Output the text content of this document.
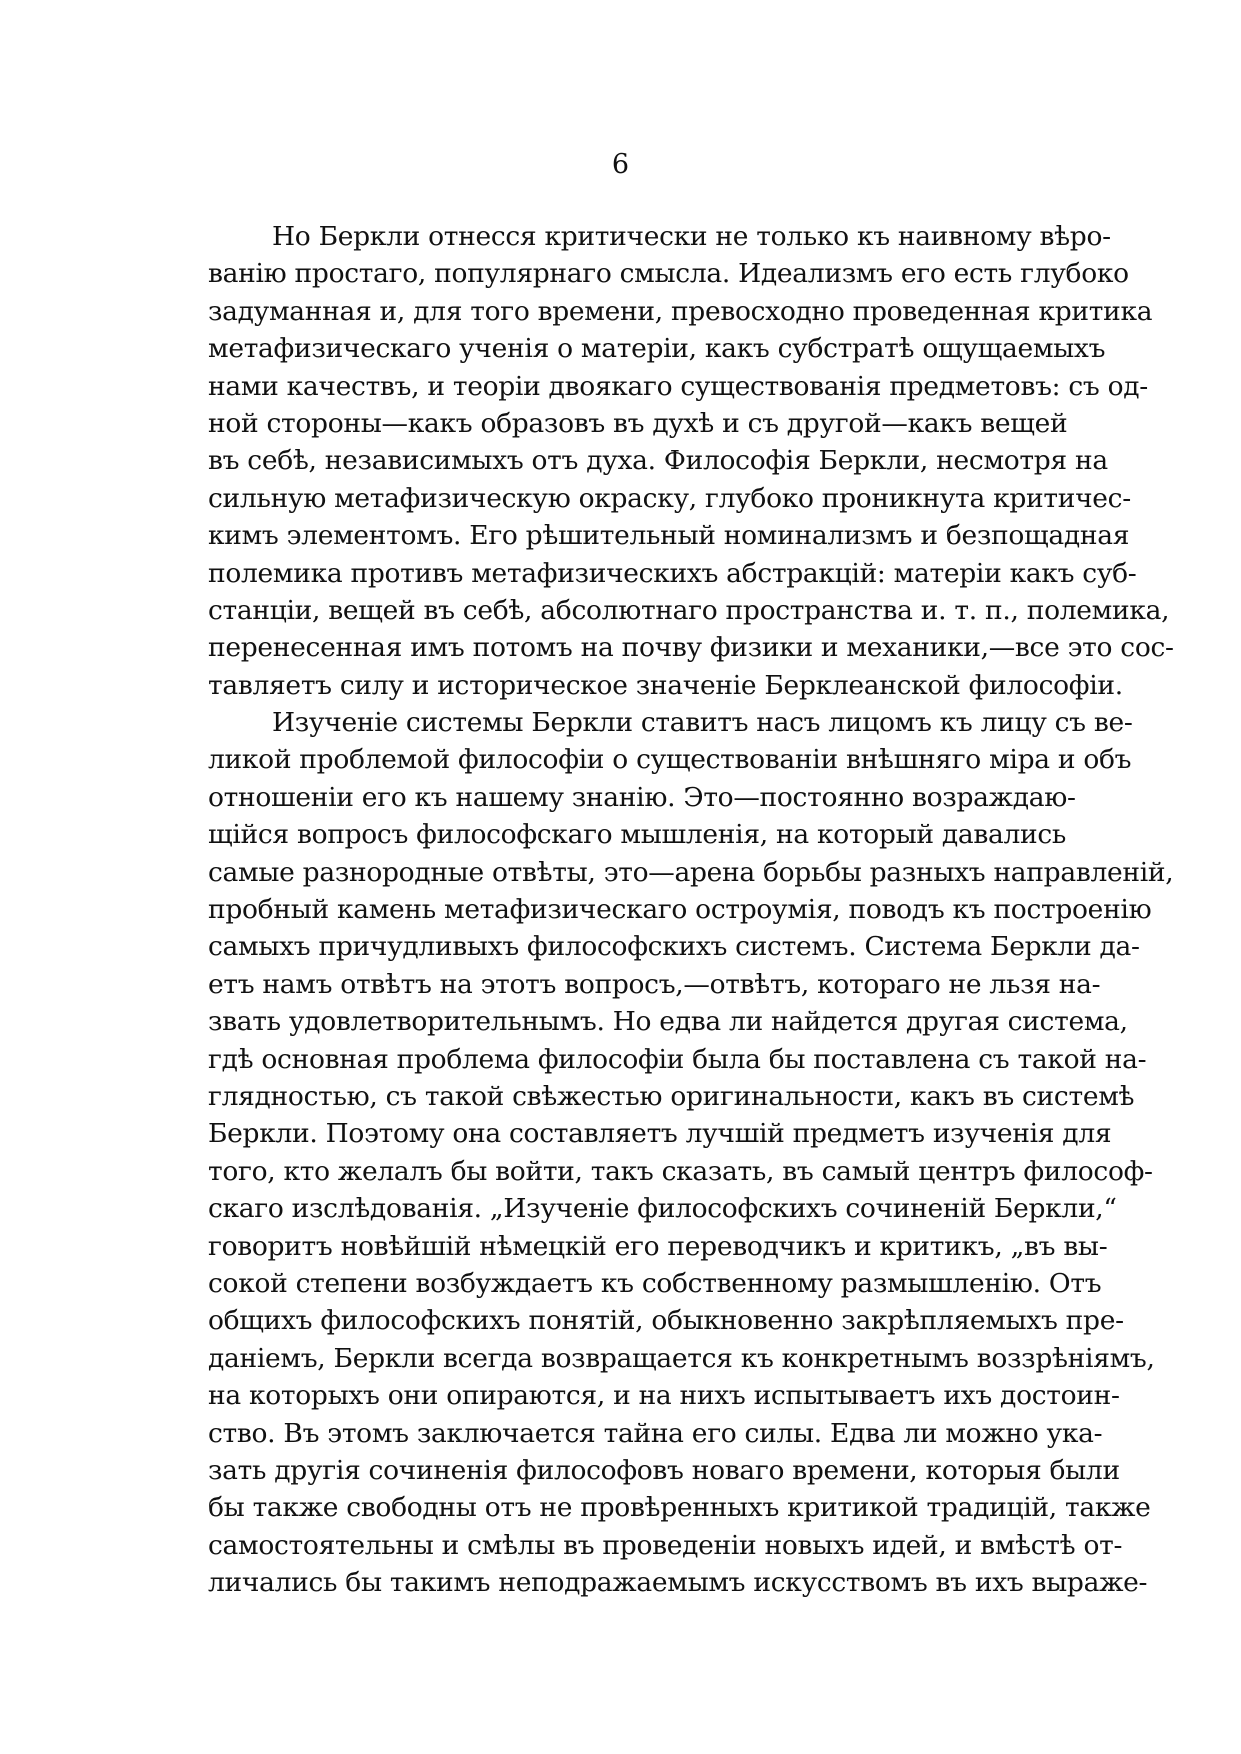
6
Но Беркли отнесся критически не только къ наивному вѣро-
ванію простаго, популярнаго смысла. Идеализмъ его есть глубоко
задуманная и, для того времени, превосходно проведенная критика
метафизическаго ученія о матеріи, какъ субстратѣ ощущаемыхъ
нами качествъ, и теоріи двоякаго существованія предметовъ: съ од-
ной стороны—какъ образовъ въ духѣ и съ другой—какъ вещей
въ себѣ, независимыхъ отъ духа. Философія Беркли, несмотря на
сильную метафизическую окраску, глубоко проникнута критичес-
кимъ элементомъ. Его рѣшительный номинализмъ и безпощадная
полемика противъ метафизическихъ абстракцій: матеріи какъ суб-
станціи, вещей въ себѣ, абсолютнаго пространства и. т. п., полемика,
перенесенная имъ потомъ на почву физики и механики,—все это сос-
тавляетъ силу и историческое значеніе Берклеанской философіи.
Изученіе системы Беркли ставитъ насъ лицомъ къ лицу съ ве-
ликой проблемой философіи о существованіи внѣшняго міра и объ
отношеніи его къ нашему знанію. Это—постоянно возраждаю-
щійся вопросъ философскаго мышленія, на который давались
самые разнородные отвѣты, это—арена борьбы разныхъ направленій,
пробный камень метафизическаго остроумія, поводъ къ построенію
самыхъ причудливыхъ философскихъ системъ. Система Беркли да-
етъ намъ отвѣтъ на этотъ вопросъ,—отвѣтъ, котораго не льзя на-
звать удовлетворительнымъ. Но едва ли найдется другая система,
гдѣ основная проблема философіи была бы поставлена съ такой на-
глядностью, съ такой свѣжестью оригинальности, какъ въ системѣ
Беркли. Поэтому она составляетъ лучшій предметъ изученія для
того, кто желалъ бы войти, такъ сказать, въ самый центръ философ-
скаго изслѣдованія. „Изученіе философскихъ сочиненій Беркли,“
говоритъ новѣйшій нѣмецкій его переводчикъ и критикъ, „въ вы-
сокой степени возбуждаетъ къ собственному размышленію. Отъ
общихъ философскихъ понятій, обыкновенно закрѣпляемыхъ пре-
даніемъ, Беркли всегда возвращается къ конкретнымъ воззрѣніямъ,
на которыхъ они опираются, и на нихъ испытываетъ ихъ достоин-
ство. Въ этомъ заключается тайна его силы. Едва ли можно ука-
зать другія сочиненія философовъ новаго времени, которыя были
бы также свободны отъ не провѣренныхъ критикой традицій, также
самостоятельны и смѣлы въ проведеніи новыхъ идей, и вмѣстѣ от-
личались бы такимъ неподражаемымъ искусствомъ въ ихъ выраже-
